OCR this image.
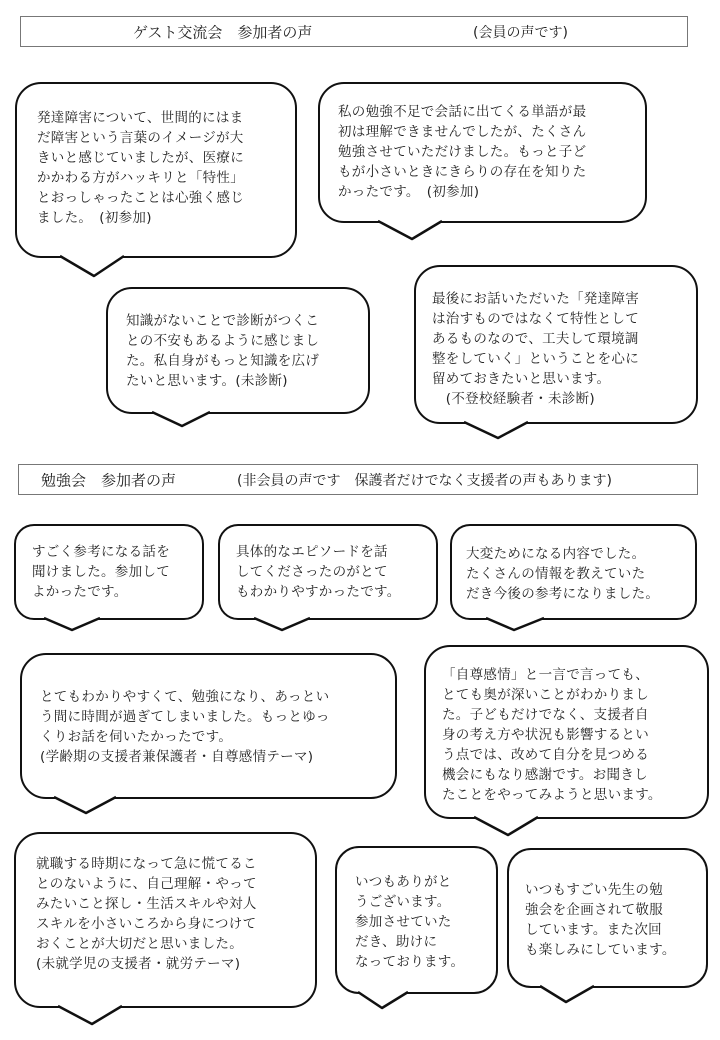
ゲスト交流会　参加者の声	(会員の声です)

発達障害について、世間的にはま
だ障害という言葉のイメージが大
きいと感じていましたが、医療に
かかわる方がハッキリと「特性」
とおっしゃったことは心強く感じ
ました。　(初参加)

私の勉強不足で会話に出てくる単語が最
初は理解できませんでしたが、たくさん
勉強させていただけました。もっと子ど
もが小さいときにきらりの存在を知りた
かったです。　(初参加)

知識がないことで診断がつくこ
との不安もあるように感じまし
た。私自身がもっと知識を広げ
たいと思います。(未診断)

最後にお話いただいた「発達障害
は治すものではなくて特性として
あるものなので、工夫して環境調
整をしていく」ということを心に
留めておきたいと思います。
　(不登校経験者・未診断)

勉強会　参加者の声	(非会員の声です　保護者だけでなく支援者の声もあります)

すごく参考になる話を
聞けました。参加して
よかったです。

具体的なエピソードを話
してくださったのがとて
もわかりやすかったです。

大変ためになる内容でした。
たくさんの情報を教えていた
だき今後の参考になりました。

とてもわかりやすくて、勉強になり、あっとい
う間に時間が過ぎてしまいました。もっとゆっ
くりお話を伺いたかったです。
(学齢期の支援者兼保護者・自尊感情テーマ)

「自尊感情」と一言で言っても、
とても奥が深いことがわかりまし
た。子どもだけでなく、支援者自
身の考え方や状況も影響するとい
う点では、改めて自分を見つめる
機会にもなり感謝です。お聞きし
たことをやってみようと思います。

就職する時期になって急に慌てるこ
とのないように、自己理解・やって
みたいこと探し・生活スキルや対人
スキルを小さいころから身につけて
おくことが大切だと思いました。
(未就学児の支援者・就労テーマ)

いつもありがと
うございます。
参加させていた
だき、助けに
なっております。

いつもすごい先生の勉
強会を企画されて敬服
しています。また次回
も楽しみにしています。
